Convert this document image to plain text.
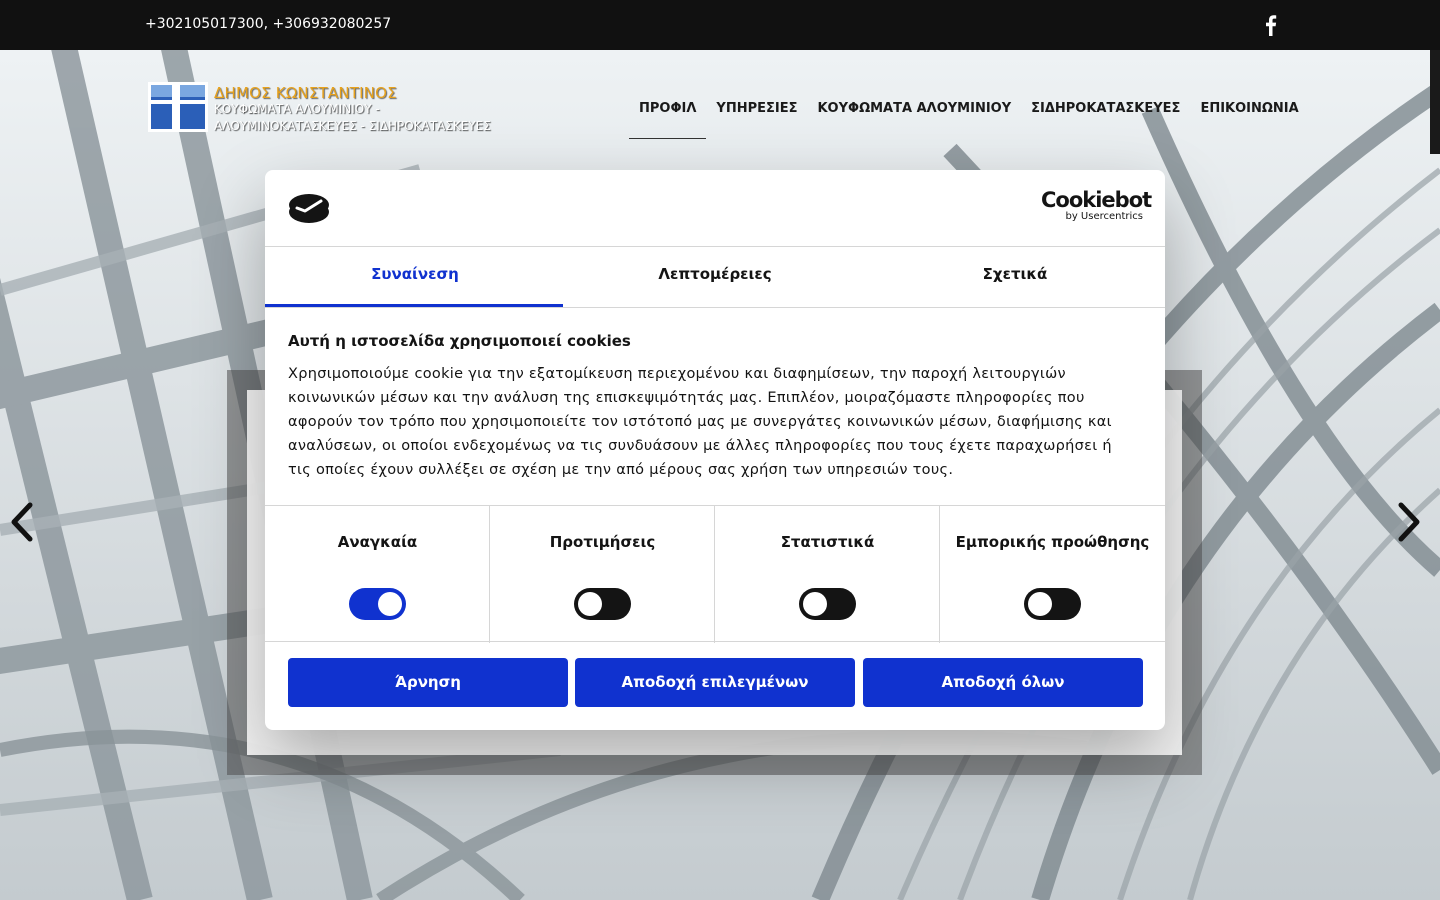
+302105017300, +306932080257
ΔΗΜΟΣ ΚΩΝΣΤΑΝΤΙΝΟΣ
ΚΟΥΦΩΜΑΤΑ ΑΛΟΥΜΙΝΙΟΥ -
ΑΛΟΥΜΙΝΟΚΑΤΑΣΚΕΥΕΣ - ΣΙΔΗΡΟΚΑΤΑΣΚΕΥΕΣ
ΠΡΟΦΙΛ	ΥΠΗΡΕΣΙΕΣ	ΚΟΥΦΩΜΑΤΑ ΑΛΟΥΜΙΝΙΟΥ	ΣΙΔΗΡΟΚΑΤΑΣΚΕΥΕΣ	ΕΠΙΚΟΙΝΩΝΙΑ
Cookiebot
by Usercentrics
Συναίνεση	Λεπτομέρειες	Σχετικά
Αυτή η ιστοσελίδα χρησιμοποιεί cookies
Χρησιμοποιούμε cookie για την εξατομίκευση περιεχομένου και διαφημίσεων, την παροχή λειτουργιών κοινωνικών μέσων και την ανάλυση της επισκεψιμότητάς μας. Επιπλέον, μοιραζόμαστε πληροφορίες που αφορούν τον τρόπο που χρησιμοποιείτε τον ιστότοπό μας με συνεργάτες κοινωνικών μέσων, διαφήμισης και αναλύσεων, οι οποίοι ενδεχομένως να τις συνδυάσουν με άλλες πληροφορίες που τους έχετε παραχωρήσει ή τις οποίες έχουν συλλέξει σε σχέση με την από μέρους σας χρήση των υπηρεσιών τους.
Αναγκαία	Προτιμήσεις	Στατιστικά	Εμπορικής προώθησης
Άρνηση	Αποδοχή επιλεγμένων	Αποδοχή όλων
